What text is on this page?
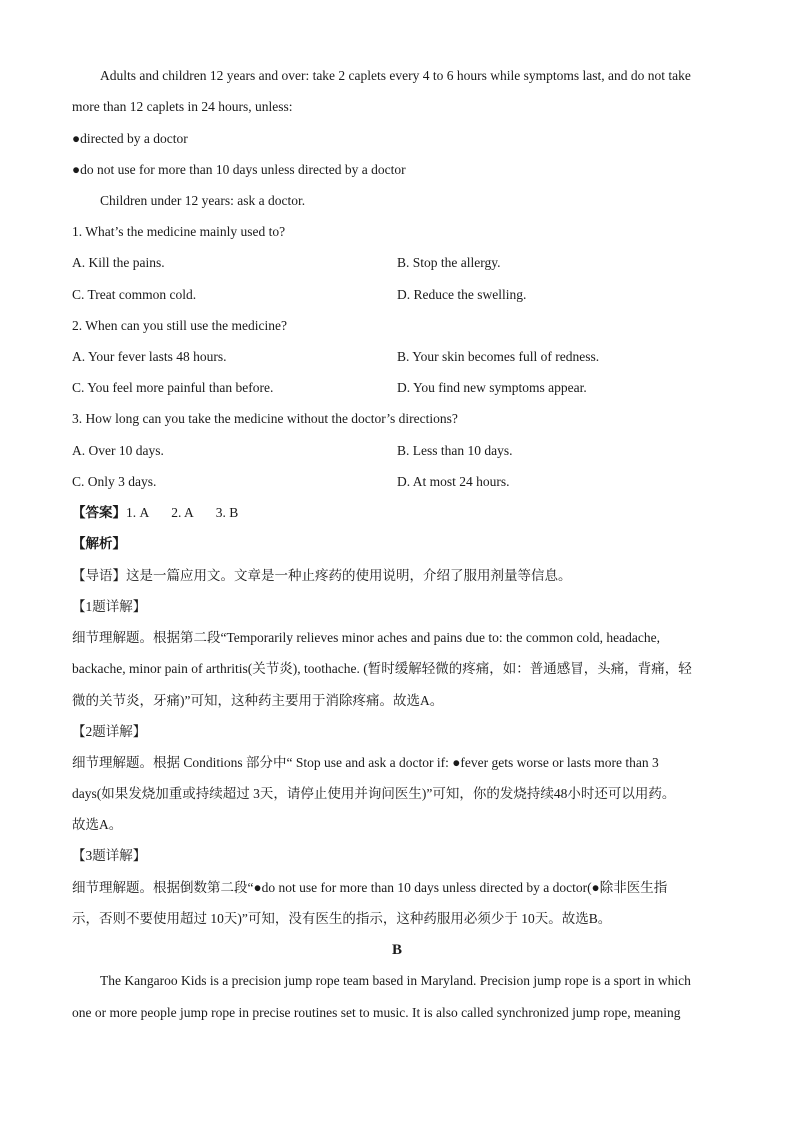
Adults and children 12 years and over: take 2 caplets every 4 to 6 hours while symptoms last, and do not take
more than 12 caplets in 24 hours, unless:
●directed by a doctor
●do not use for more than 10 days unless directed by a doctor
Children under 12 years: ask a doctor.
1. What’s the medicine mainly used to?
A. Kill the pains.	B. Stop the allergy.
C. Treat common cold.	D. Reduce the swelling.
2. When can you still use the medicine?
A. Your fever lasts 48 hours.	B. Your skin becomes full of redness.
C. You feel more painful than before.	D. You find new symptoms appear.
3. How long can you take the medicine without the doctor’s directions?
A. Over 10 days.	B. Less than 10 days.
C. Only 3 days.	D. At most 24 hours.
【答案】1. A 2. A 3. B
【解析】
【导语】这是一篇应用文。文章是一种止疼药的使用说明，介绍了服用剂量等信息。
【1题详解】
细节理解题。根据第二段“Temporarily relieves minor aches and pains due to: the common cold, headache,
backache, minor pain of arthritis(关节炎), toothache. (暂时缓解轻微的疼痛，如：普通感冒，头痛，背痛，轻
微的关节炎，牙痛)”可知，这种药主要用于消除疼痛。故选A。
【2题详解】
细节理解题。根据 Conditions 部分中“ Stop use and ask a doctor if: ●fever gets worse or lasts more than 3
days(如果发烧加重或持续超过 3天，请停止使用并询问医生)”可知，你的发烧持续48小时还可以用药。
故选A。
【3题详解】
细节理解题。根据倒数第二段“●do not use for more than 10 days unless directed by a doctor(●除非医生指
示，否则不要使用超过 10天)”可知，没有医生的指示，这种药服用必须少于 10天。故选B。
B
The Kangaroo Kids is a precision jump rope team based in Maryland. Precision jump rope is a sport in which
one or more people jump rope in precise routines set to music. It is also called synchronized jump rope, meaning
